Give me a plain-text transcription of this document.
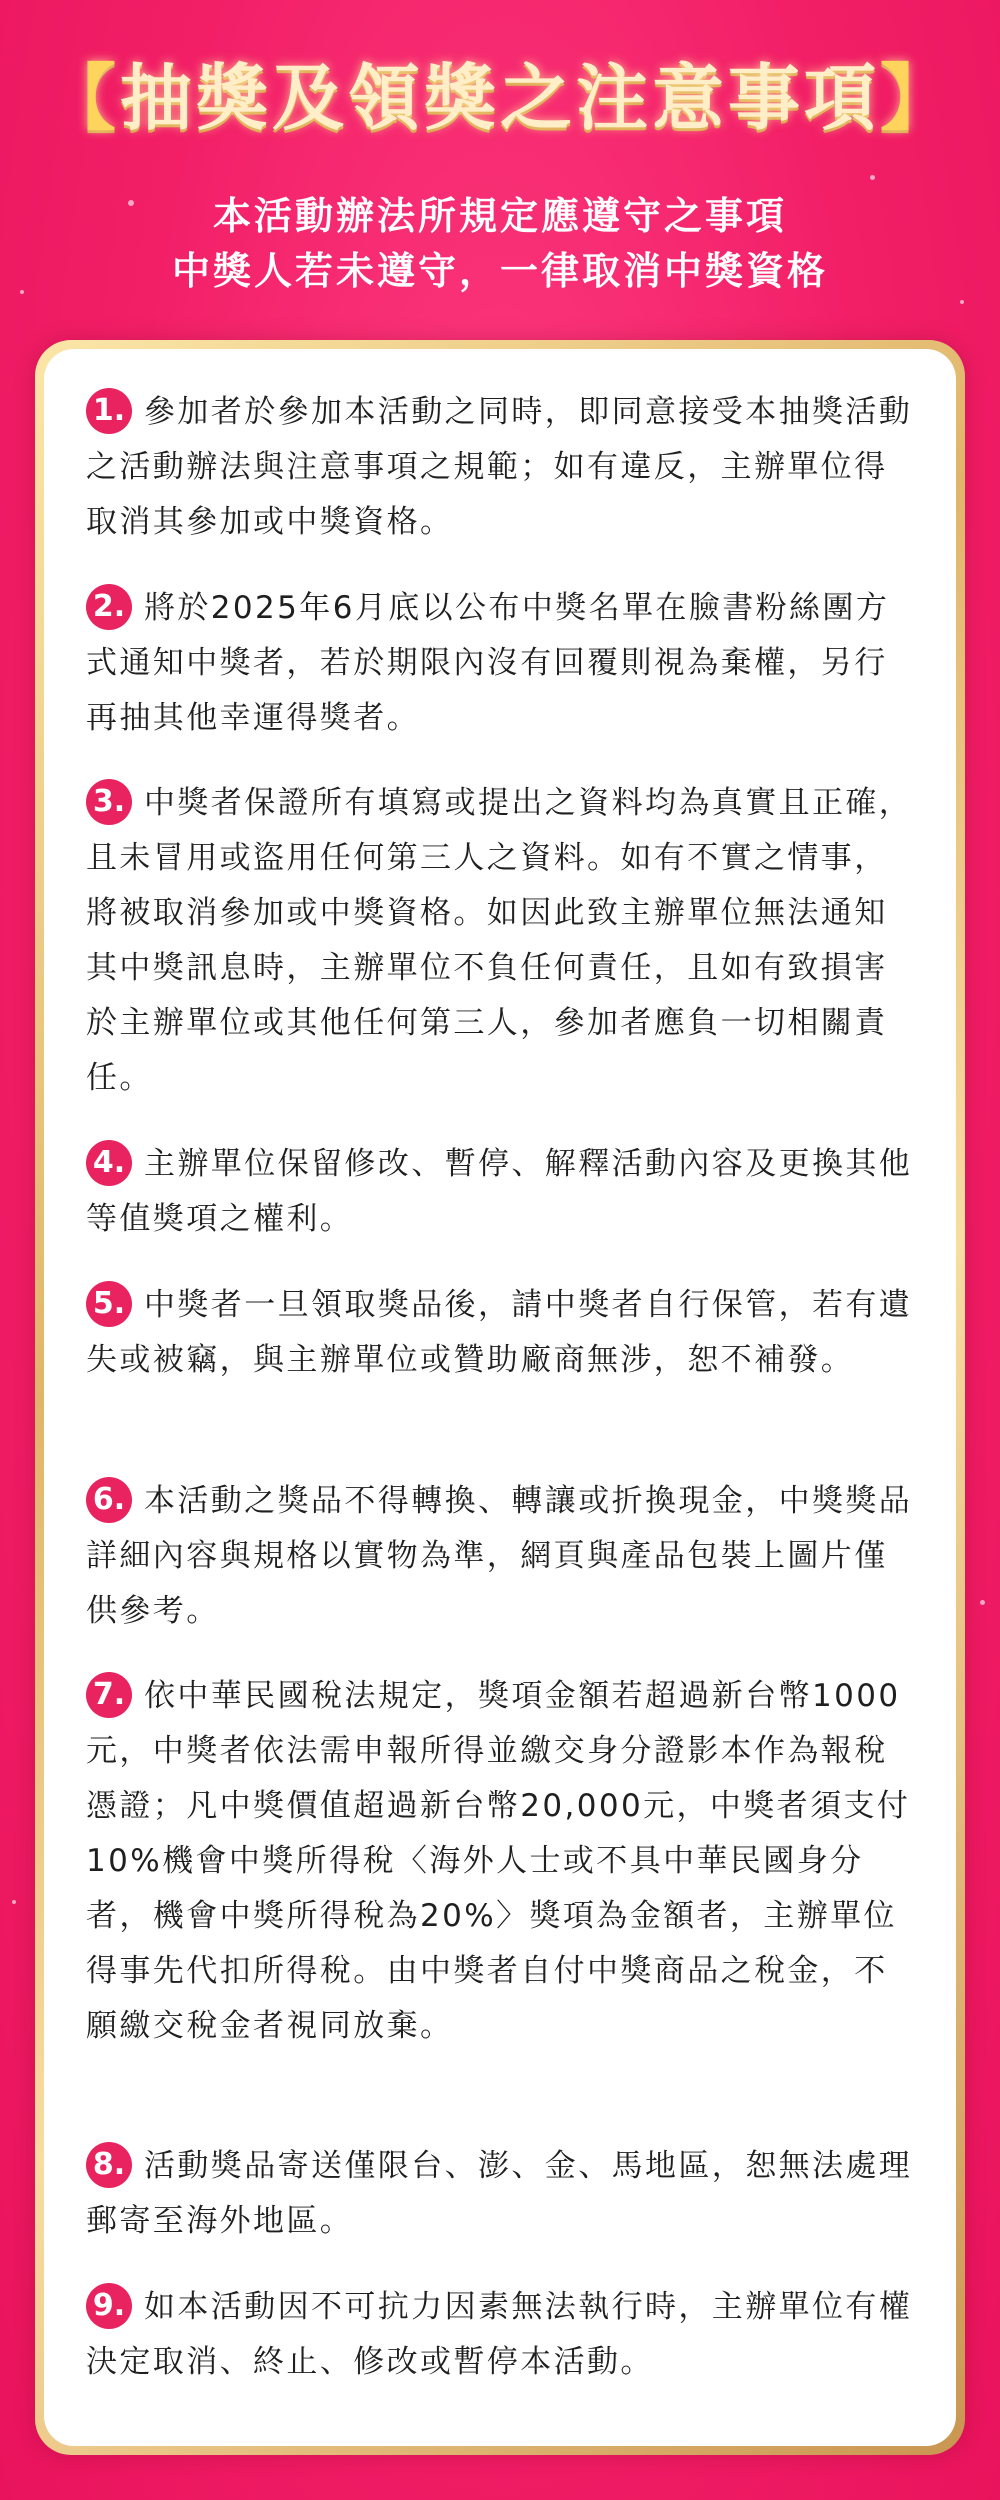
【抽獎及領獎之注意事項】
本活動辦法所規定應遵守之事項
中獎人若未遵守，一律取消中獎資格

1. 參加者於參加本活動之同時，即同意接受本抽獎活動之活動辦法與注意事項之規範；如有違反，主辦單位得取消其參加或中獎資格。

2. 將於2025年6月底以公布中獎名單在臉書粉絲團方式通知中獎者，若於期限內沒有回覆則視為棄權，另行再抽其他幸運得獎者。

3. 中獎者保證所有填寫或提出之資料均為真實且正確，且未冒用或盜用任何第三人之資料。如有不實之情事，將被取消參加或中獎資格。如因此致主辦單位無法通知其中獎訊息時，主辦單位不負任何責任，且如有致損害於主辦單位或其他任何第三人，參加者應負一切相關責任。

4. 主辦單位保留修改、暫停、解釋活動內容及更換其他等值獎項之權利。

5. 中獎者一旦領取獎品後，請中獎者自行保管，若有遺失或被竊，與主辦單位或贊助廠商無涉，恕不補發。

6. 本活動之獎品不得轉換、轉讓或折換現金，中獎獎品詳細內容與規格以實物為準，網頁與產品包裝上圖片僅供參考。

7. 依中華民國稅法規定，獎項金額若超過新台幣1000元，中獎者依法需申報所得並繳交身分證影本作為報稅憑證；凡中獎價值超過新台幣20,000元，中獎者須支付10%機會中獎所得稅〈海外人士或不具中華民國身分者，機會中獎所得稅為20%〉獎項為金額者，主辦單位得事先代扣所得稅。由中獎者自付中獎商品之稅金，不願繳交稅金者視同放棄。

8. 活動獎品寄送僅限台、澎、金、馬地區，恕無法處理郵寄至海外地區。

9. 如本活動因不可抗力因素無法執行時，主辦單位有權決定取消、終止、修改或暫停本活動。
